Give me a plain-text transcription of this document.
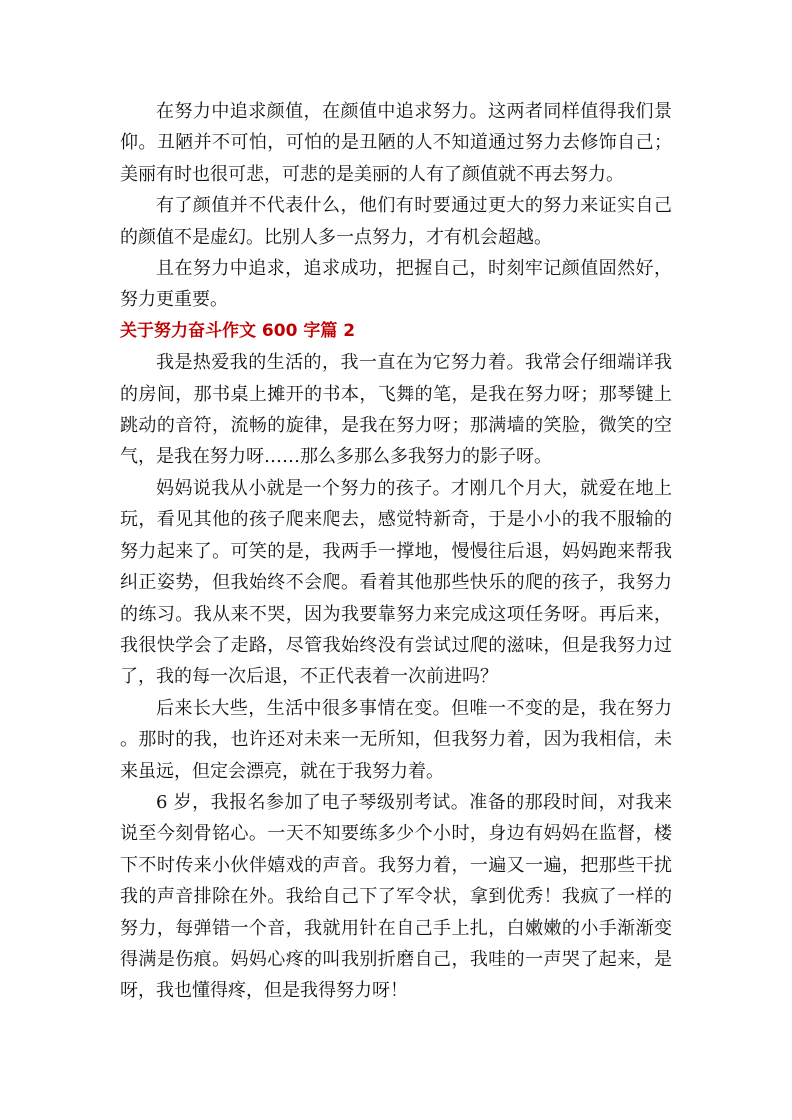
在努力中追求颜值，在颜值中追求努力。这两者同样值得我们景仰。丑陋并不可怕，可怕的是丑陋的人不知道通过努力去修饰自己；美丽有时也很可悲，可悲的是美丽的人有了颜值就不再去努力。

有了颜值并不代表什么，他们有时要通过更大的努力来证实自己的颜值不是虚幻。比别人多一点努力，才有机会超越。

且在努力中追求，追求成功，把握自己，时刻牢记颜值固然好，努力更重要。

关于努力奋斗作文 600 字篇 2

我是热爱我的生活的，我一直在为它努力着。我常会仔细端详我的房间，那书桌上摊开的书本，飞舞的笔，是我在努力呀；那琴键上跳动的音符，流畅的旋律，是我在努力呀；那满墙的笑脸，微笑的空气，是我在努力呀……那么多那么多我努力的影子呀。

妈妈说我从小就是一个努力的孩子。才刚几个月大，就爱在地上玩，看见其他的孩子爬来爬去，感觉特新奇，于是小小的我不服输的努力起来了。可笑的是，我两手一撑地，慢慢往后退，妈妈跑来帮我纠正姿势，但我始终不会爬。看着其他那些快乐的爬的孩子，我努力的练习。我从来不哭，因为我要靠努力来完成这项任务呀。再后来，我很快学会了走路，尽管我始终没有尝试过爬的滋味，但是我努力过了，我的每一次后退，不正代表着一次前进吗？

后来长大些，生活中很多事情在变。但唯一不变的是，我在努力。那时的我，也许还对未来一无所知，但我努力着，因为我相信，未来虽远，但定会漂亮，就在于我努力着。

6 岁，我报名参加了电子琴级别考试。准备的那段时间，对我来说至今刻骨铭心。一天不知要练多少个小时，身边有妈妈在监督，楼下不时传来小伙伴嬉戏的声音。我努力着，一遍又一遍，把那些干扰我的声音排除在外。我给自己下了军令状，拿到优秀！我疯了一样的努力，每弹错一个音，我就用针在自己手上扎，白嫩嫩的小手渐渐变得满是伤痕。妈妈心疼的叫我别折磨自己，我哇的一声哭了起来，是呀，我也懂得疼，但是我得努力呀！
